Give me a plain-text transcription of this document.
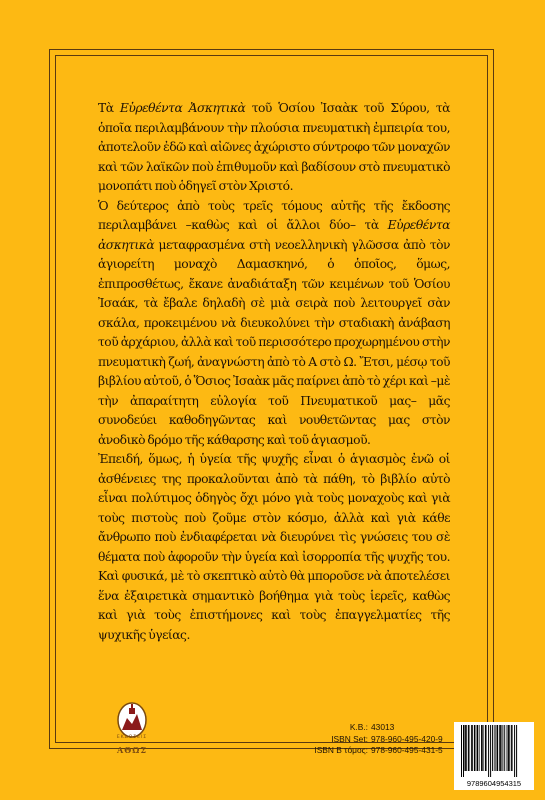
Τὰ Εὑρεθέντα Ἀσκητικὰ τοῦ Ὁσίου Ἰσαὰκ τοῦ Σύρου, τὰ ὁποῖα περιλαμβάνουν τὴν πλούσια πνευματικὴ ἐμπειρία του, ἀποτελοῦν ἐδῶ καὶ αἰῶνες ἀχώριστο σύντροφο τῶν μοναχῶν καὶ τῶν λαϊκῶν ποὺ ἐπιθυμοῦν καὶ βαδίσουν στὸ πνευματικὸ μονοπάτι ποὺ ὁδηγεῖ στὸν Χριστό.

Ὁ δεύτερος ἀπὸ τοὺς τρεῖς τόμους αὐτῆς τῆς ἔκδοσης περιλαμβάνει –καθὼς καὶ οἱ ἄλλοι δύο– τὰ Εὑρεθέντα ἀσκητικὰ μεταφρασμένα στὴ νεοελληνικὴ γλῶσσα ἀπὸ τὸν ἁγιορείτη μοναχὸ Δαμασκηνό, ὁ ὁποῖος, ὅμως, ἐπιπροσθέτως, ἔκανε ἀναδιάταξη τῶν κειμένων τοῦ Ὁσίου Ἰσαάκ, τὰ ἔβαλε δηλαδὴ σὲ μιὰ σειρὰ ποὺ λειτουργεῖ σὰν σκάλα, προκειμένου νὰ διευκολύνει τὴν σταδιακὴ ἀνάβαση τοῦ ἀρχάριου, ἀλλὰ καὶ τοῦ περισσότερο προχωρημένου στὴν πνευματικὴ ζωή, ἀναγνώστη ἀπὸ τὸ Α στὸ Ω. Ἔτσι, μέσῳ τοῦ βιβλίου αὐτοῦ, ὁ Ὅσιος Ἰσαὰκ μᾶς παίρνει ἀπὸ τὸ χέρι καὶ –μὲ τὴν ἀπαραίτητη εὐλογία τοῦ Πνευματικοῦ μας– μᾶς συνοδεύει καθοδηγῶντας καὶ νουθετῶντας μας στὸν ἀνοδικὸ δρόμο τῆς κάθαρσης καὶ τοῦ ἁγιασμοῦ.

Ἐπειδή, ὅμως, ἡ ὑγεία τῆς ψυχῆς εἶναι ὁ ἁγιασμὸς ἐνῶ οἱ ἀσθένειες της προκαλοῦνται ἀπὸ τὰ πάθη, τὸ βιβλίο αὐτὸ εἶναι πολύτιμος ὁδηγὸς ὄχι μόνο γιὰ τοὺς μοναχοὺς καὶ γιὰ τοὺς πιστοὺς ποὺ ζοῦμε στὸν κόσμο, ἀλλὰ καὶ γιὰ κάθε ἄνθρωπο ποὺ ἐνδιαφέρεται νὰ διευρύνει τὶς γνώσεις του σὲ θέματα ποὺ ἀφοροῦν τὴν ὑγεία καὶ ἰσορροπία τῆς ψυχῆς του. Καὶ φυσικά, μὲ τὸ σκεπτικὸ αὐτὸ θὰ μποροῦσε νὰ ἀποτελέσει ἕνα ἐξαιρετικὰ σημαντικὸ βοήθημα γιὰ τοὺς ἱερεῖς, καθὼς καὶ γιὰ τοὺς ἐπιστήμονες καὶ τοὺς ἐπαγγελματίες τῆς ψυχικῆς ὑγείας.

ΕΚΔΟΣΕΙΣ
ΑΘΩΣ
Κ.Β.: 43013
ISBN Set: 978-960-495-420-9
ISBN B τόμος: 978-960-495-431-5
9789604954315
